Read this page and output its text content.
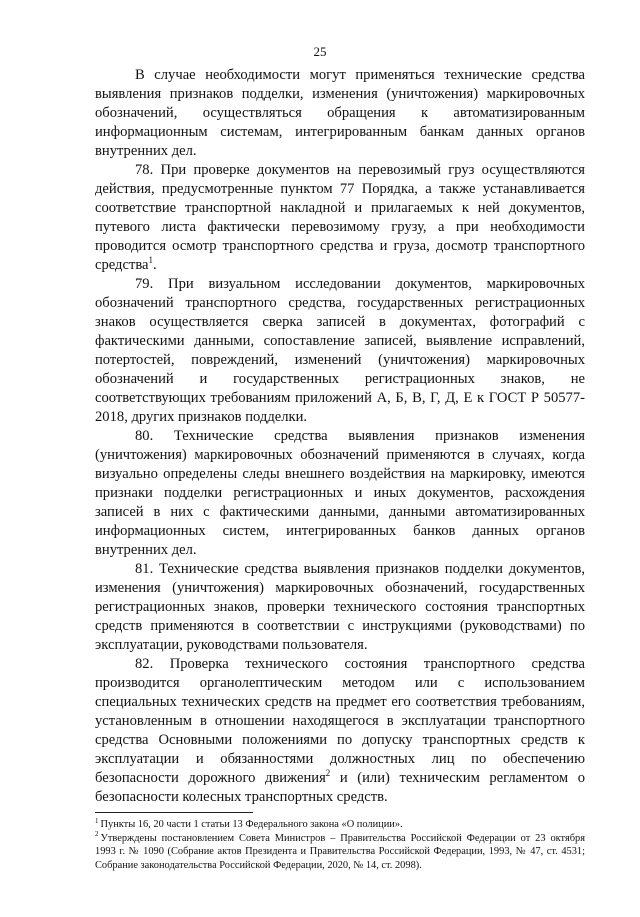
25

В случае необходимости могут применяться технические средства выявления признаков подделки, изменения (уничтожения) маркировочных обозначений, осуществляться обращения к автоматизированным информационным системам, интегрированным банкам данных органов внутренних дел.

78. При проверке документов на перевозимый груз осуществляются действия, предусмотренные пунктом 77 Порядка, а также устанавливается соответствие транспортной накладной и прилагаемых к ней документов, путевого листа фактически перевозимому грузу, а при необходимости проводится осмотр транспортного средства и груза, досмотр транспортного средства$^1$.

79. При визуальном исследовании документов, маркировочных обозначений транспортного средства, государственных регистрационных знаков осуществляется сверка записей в документах, фотографий с фактическими данными, сопоставление записей, выявление исправлений, потертостей, повреждений, изменений (уничтожения) маркировочных обозначений и государственных регистрационных знаков, не соответствующих требованиям приложений А, Б, В, Г, Д, Е к ГОСТ Р 50577-2018, других признаков подделки.

80. Технические средства выявления признаков изменения (уничтожения) маркировочных обозначений применяются в случаях, когда визуально определены следы внешнего воздействия на маркировку, имеются признаки подделки регистрационных и иных документов, расхождения записей в них с фактическими данными, данными автоматизированных информационных систем, интегрированных банков данных органов внутренних дел.

81. Технические средства выявления признаков подделки документов, изменения (уничтожения) маркировочных обозначений, государственных регистрационных знаков, проверки технического состояния транспортных средств применяются в соответствии с инструкциями (руководствами) по эксплуатации, руководствами пользователя.

82. Проверка технического состояния транспортного средства производится органолептическим методом или с использованием специальных технических средств на предмет его соответствия требованиям, установленным в отношении находящегося в эксплуатации транспортного средства Основными положениями по допуску транспортных средств к эксплуатации и обязанностями должностных лиц по обеспечению безопасности дорожного движения$^2$ и (или) техническим регламентом о безопасности колесных транспортных средств.

$^1$ Пункты 16, 20 части 1 статьи 13 Федерального закона «О полиции».

$^2$ Утверждены постановлением Совета Министров – Правительства Российской Федерации от 23 октября 1993 г. № 1090 (Собрание актов Президента и Правительства Российской Федерации, 1993, № 47, ст. 4531; Собрание законодательства Российской Федерации, 2020, № 14, ст. 2098).
